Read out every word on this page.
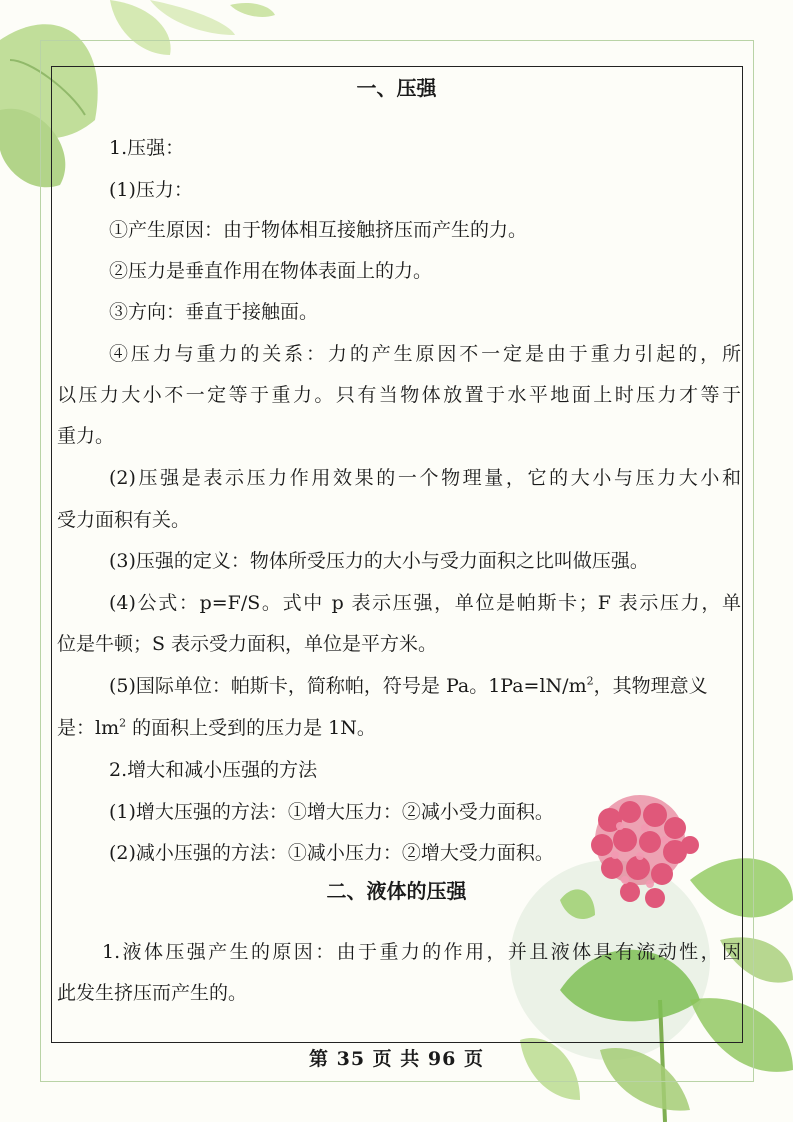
一、压强
1.压强：
(1)压力：
①产生原因：由于物体相互接触挤压而产生的力。
②压力是垂直作用在物体表面上的力。
③方向：垂直于接触面。
④压力与重力的关系：力的产生原因不一定是由于重力引起的，所
以压力大小不一定等于重力。只有当物体放置于水平地面上时压力才等于
重力。
(2)压强是表示压力作用效果的一个物理量，它的大小与压力大小和
受力面积有关。
(3)压强的定义：物体所受压力的大小与受力面积之比叫做压强。
(4)公式：p=F/S。式中 p 表示压强，单位是帕斯卡；F 表示压力，单
位是牛顿；S 表示受力面积，单位是平方米。
(5)国际单位：帕斯卡，简称帕，符号是 Pa。$1Pa=lN/m^2$，其物理意义
是：$lm^2$ 的面积上受到的压力是 1N。
2.增大和减小压强的方法
(1)增大压强的方法：①增大压力：②减小受力面积。
(2)减小压强的方法：①减小压力：②增大受力面积。
二、液体的压强
1.液体压强产生的原因：由于重力的作用，并且液体具有流动性，因
此发生挤压而产生的。
第 35 页 共 96 页
